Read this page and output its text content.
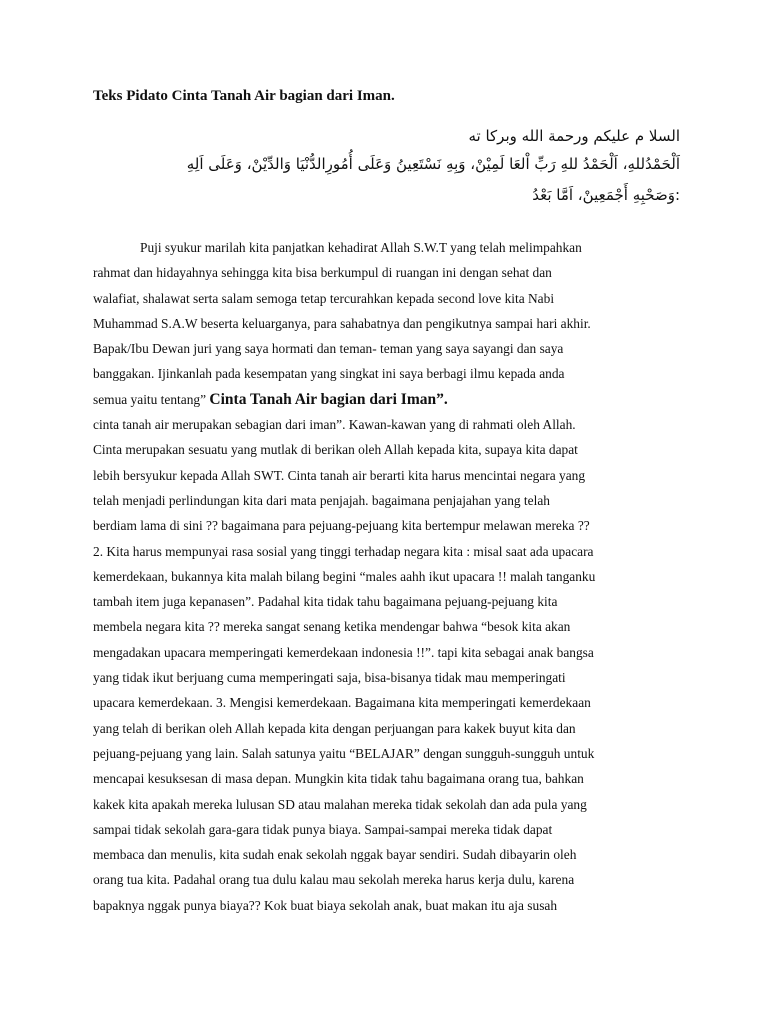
Teks Pidato Cinta Tanah Air bagian dari Iman.
السلا م عليكم ورحمة الله وبركا ته
اَلْحَمْدُللهِ، اَلْحَمْدُ للهِ رَبِّ اْلعَا لَمِيْنْ، وَبِهِ نَسْتَعِينُ وَعَلَى أُمُورِالدُّنْيَا وَالدِّيْنْ، وَعَلَى اَلِهِ
:وَصَحْبِهِ أَجْمَعِينْ، اَمَّا بَعْدُ
Puji syukur marilah kita panjatkan kehadirat Allah S.W.T yang telah melimpahkan
rahmat dan hidayahnya sehingga kita bisa berkumpul di ruangan ini dengan sehat dan
walafiat, shalawat serta salam semoga tetap tercurahkan kepada second love kita Nabi
Muhammad S.A.W beserta keluarganya, para sahabatnya dan pengikutnya sampai hari akhir.
Bapak/Ibu Dewan juri yang saya hormati dan teman- teman yang saya sayangi dan saya
banggakan. Ijinkanlah pada kesempatan yang singkat ini saya berbagi ilmu kepada anda
semua yaitu tentang” Cinta Tanah Air bagian dari Iman”.
cinta tanah air merupakan sebagian dari iman”. Kawan-kawan yang di rahmati oleh Allah.
Cinta merupakan sesuatu yang mutlak di berikan oleh Allah kepada kita, supaya kita dapat
lebih bersyukur kepada Allah SWT. Cinta tanah air berarti kita harus mencintai negara yang
telah menjadi perlindungan kita dari mata penjajah. bagaimana penjajahan yang telah
berdiam lama di sini ?? bagaimana para pejuang-pejuang kita bertempur melawan mereka ??
2. Kita harus mempunyai rasa sosial yang tinggi terhadap negara kita : misal saat ada upacara
kemerdekaan, bukannya kita malah bilang begini “males aahh ikut upacara !! malah tanganku
tambah item juga kepanasen”. Padahal kita tidak tahu bagaimana pejuang-pejuang kita
membela negara kita ?? mereka sangat senang ketika mendengar bahwa “besok kita akan
mengadakan upacara memperingati kemerdekaan indonesia !!”. tapi kita sebagai anak bangsa
yang tidak ikut berjuang cuma memperingati saja, bisa-bisanya tidak mau memperingati
upacara kemerdekaan. 3. Mengisi kemerdekaan. Bagaimana kita memperingati kemerdekaan
yang telah di berikan oleh Allah kepada kita dengan perjuangan para kakek buyut kita dan
pejuang-pejuang yang lain. Salah satunya yaitu “BELAJAR” dengan sungguh-sungguh untuk
mencapai kesuksesan di masa depan. Mungkin kita tidak tahu bagaimana orang tua, bahkan
kakek kita apakah mereka lulusan SD atau malahan mereka tidak sekolah dan ada pula yang
sampai tidak sekolah gara-gara tidak punya biaya. Sampai-sampai mereka tidak dapat
membaca dan menulis, kita sudah enak sekolah nggak bayar sendiri. Sudah dibayarin oleh
orang tua kita. Padahal orang tua dulu kalau mau sekolah mereka harus kerja dulu, karena
bapaknya nggak punya biaya?? Kok buat biaya sekolah anak, buat makan itu aja susah
